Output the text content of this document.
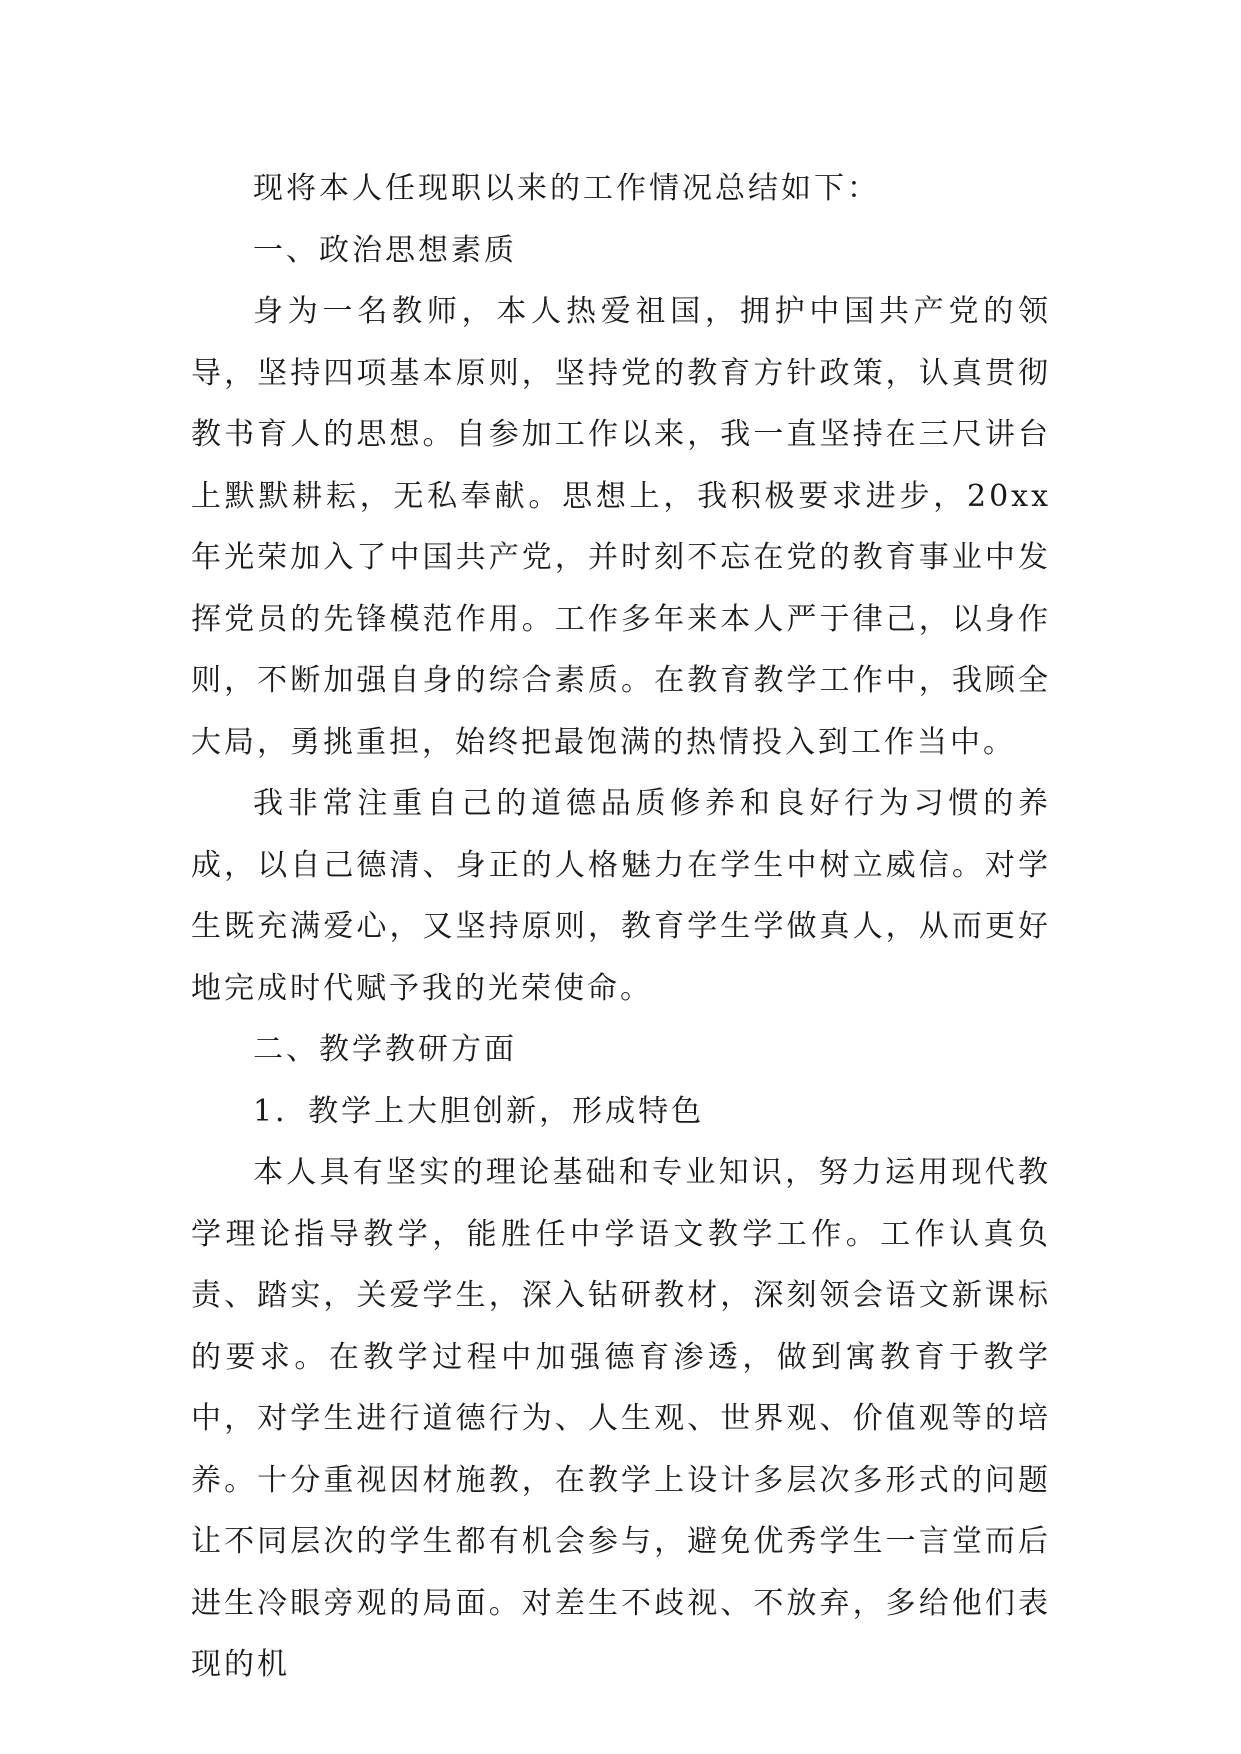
现将本人任现职以来的工作情况总结如下：

一、政治思想素质

身为一名教师，本人热爱祖国，拥护中国共产党的领导，坚持四项基本原则，坚持党的教育方针政策，认真贯彻教书育人的思想。自参加工作以来，我一直坚持在三尺讲台上默默耕耘，无私奉献。思想上，我积极要求进步，20xx年光荣加入了中国共产党，并时刻不忘在党的教育事业中发挥党员的先锋模范作用。工作多年来本人严于律己，以身作则，不断加强自身的综合素质。在教育教学工作中，我顾全大局，勇挑重担，始终把最饱满的热情投入到工作当中。

我非常注重自己的道德品质修养和良好行为习惯的养成，以自己德清、身正的人格魅力在学生中树立威信。对学生既充满爱心，又坚持原则，教育学生学做真人，从而更好地完成时代赋予我的光荣使命。

二、教学教研方面

1．教学上大胆创新，形成特色

本人具有坚实的理论基础和专业知识，努力运用现代教学理论指导教学，能胜任中学语文教学工作。工作认真负责、踏实，关爱学生，深入钻研教材，深刻领会语文新课标的要求。在教学过程中加强德育渗透，做到寓教育于教学中，对学生进行道德行为、人生观、世界观、价值观等的培养。十分重视因材施教，在教学上设计多层次多形式的问题让不同层次的学生都有机会参与，避免优秀学生一言堂而后进生冷眼旁观的局面。对差生不歧视、不放弃，多给他们表现的机
